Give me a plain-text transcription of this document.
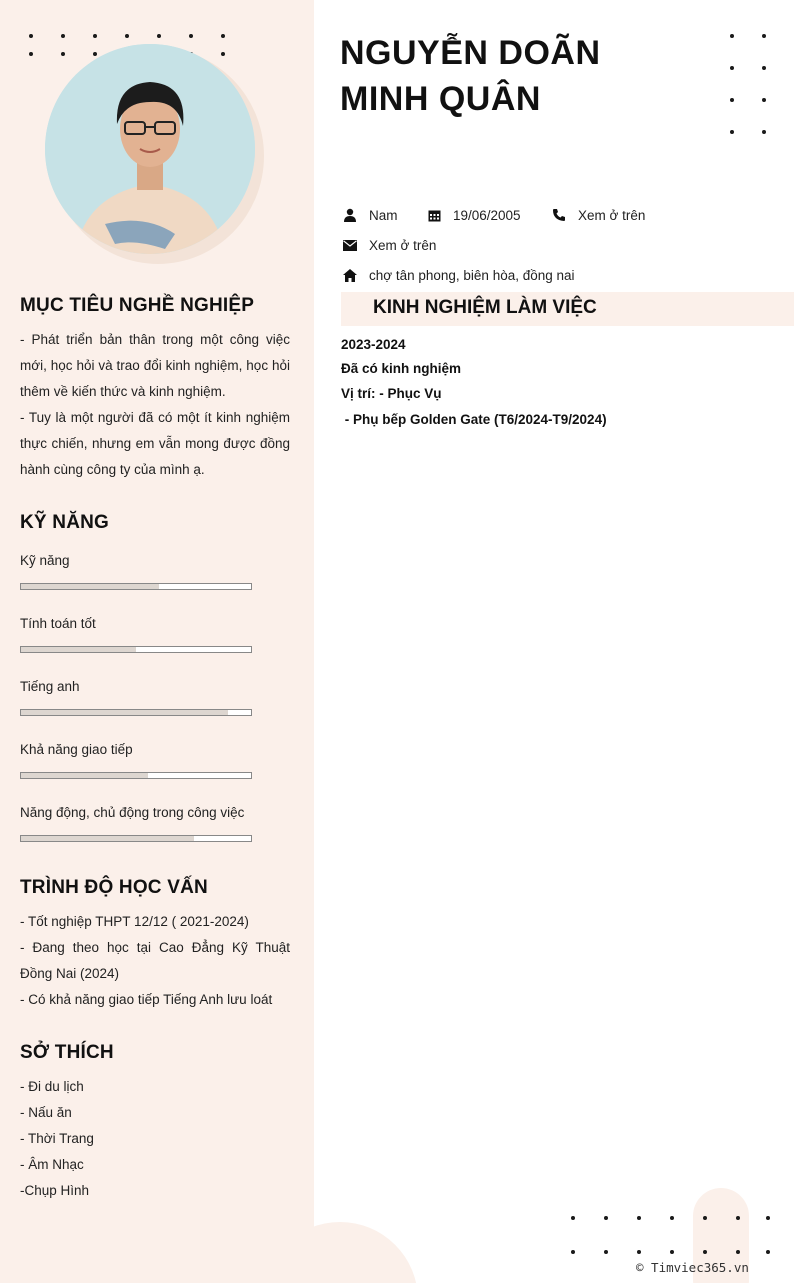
MỤC TIÊU NGHỀ NGHIỆP
- Phát triển bản thân trong một công việc mới, học hỏi và trao đổi kinh nghiệm, học hỏi thêm về kiến thức và kinh nghiệm.
- Tuy là một người đã có một ít kinh nghiệm thực chiến, nhưng em vẫn mong được đồng hành cùng công ty của mình ạ.
KỸ NĂNG
Kỹ năng
Tính toán tốt
Tiếng anh
Khả năng giao tiếp
Năng động, chủ động trong công việc
TRÌNH ĐỘ HỌC VẤN
- Tốt nghiệp THPT 12/12 ( 2021-2024)
- Đang theo học tại Cao Đẳng Kỹ Thuật Đồng Nai (2024)
- Có khả năng giao tiếp Tiếng Anh lưu loát
SỞ THÍCH
- Đi du lịch
- Nấu ăn
- Thời Trang
- Âm Nhạc
-Chụp Hình
NGUYỄN DOÃN
MINH QUÂN
Nam	19/06/2005	Xem ở trên
Xem ở trên
chợ tân phong, biên hòa, đồng nai
KINH NGHIỆM LÀM VIỆC
2023-2024
Đã có kinh nghiệm
Vị trí: - Phục Vụ
- Phụ bếp Golden Gate (T6/2024-T9/2024)
© Timviec365.vn
